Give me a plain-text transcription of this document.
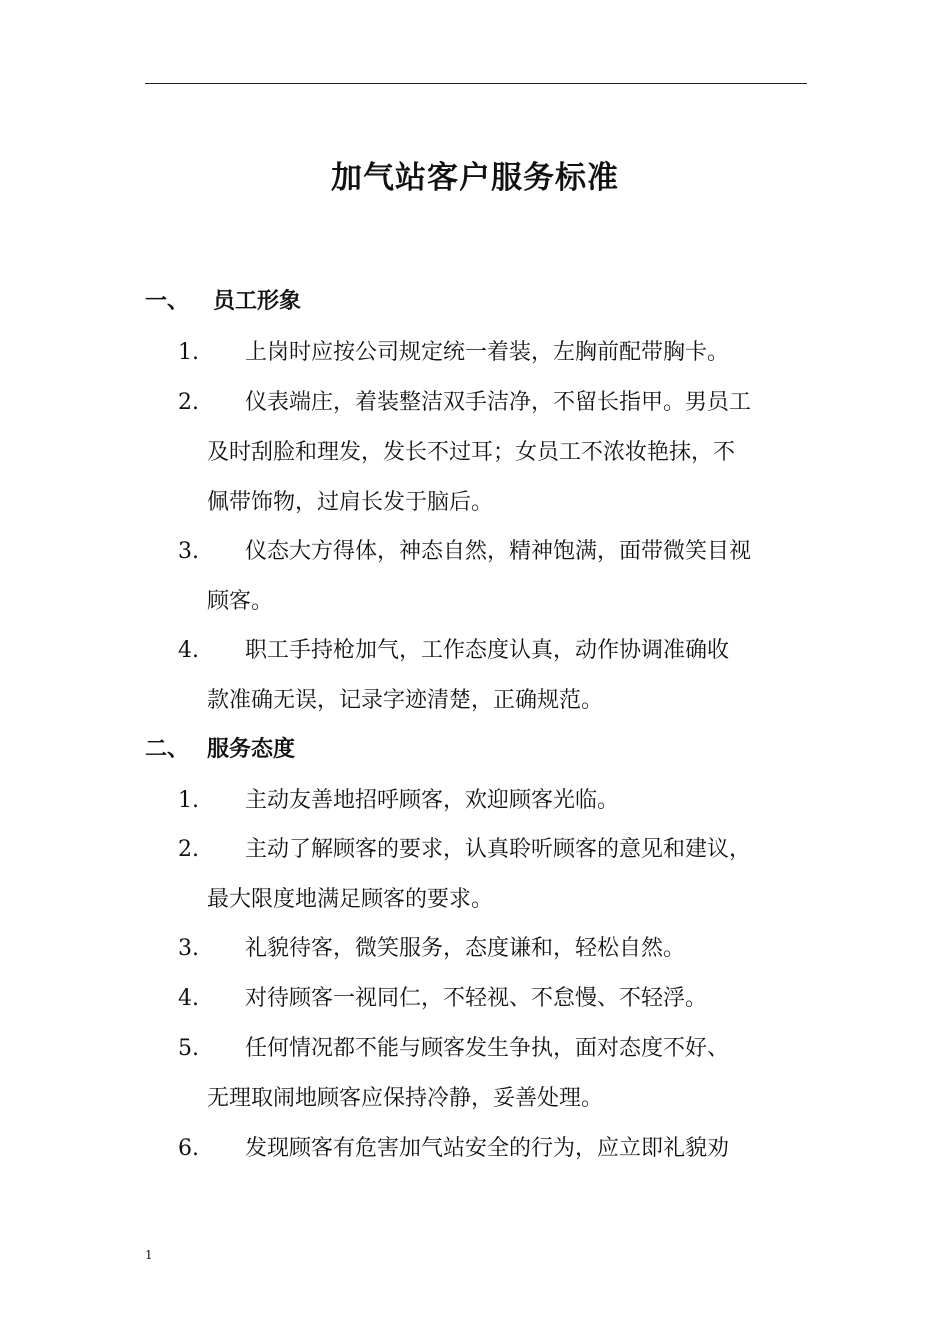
加气站客户服务标准
一、 员工形象
1. 上岗时应按公司规定统一着装，左胸前配带胸卡。
2. 仪表端庄，着装整洁双手洁净，不留长指甲。男员工
及时刮脸和理发，发长不过耳；女员工不浓妆艳抹，不
佩带饰物，过肩长发于脑后。
3. 仪态大方得体，神态自然，精神饱满，面带微笑目视
顾客。
4. 职工手持枪加气，工作态度认真，动作协调准确收
款准确无误，记录字迹清楚，正确规范。
二、 服务态度
1. 主动友善地招呼顾客，欢迎顾客光临。
2. 主动了解顾客的要求，认真聆听顾客的意见和建议，
最大限度地满足顾客的要求。
3. 礼貌待客，微笑服务，态度谦和，轻松自然。
4. 对待顾客一视同仁，不轻视、不怠慢、不轻浮。
5. 任何情况都不能与顾客发生争执，面对态度不好、
无理取闹地顾客应保持冷静，妥善处理。
6. 发现顾客有危害加气站安全的行为，应立即礼貌劝
1
